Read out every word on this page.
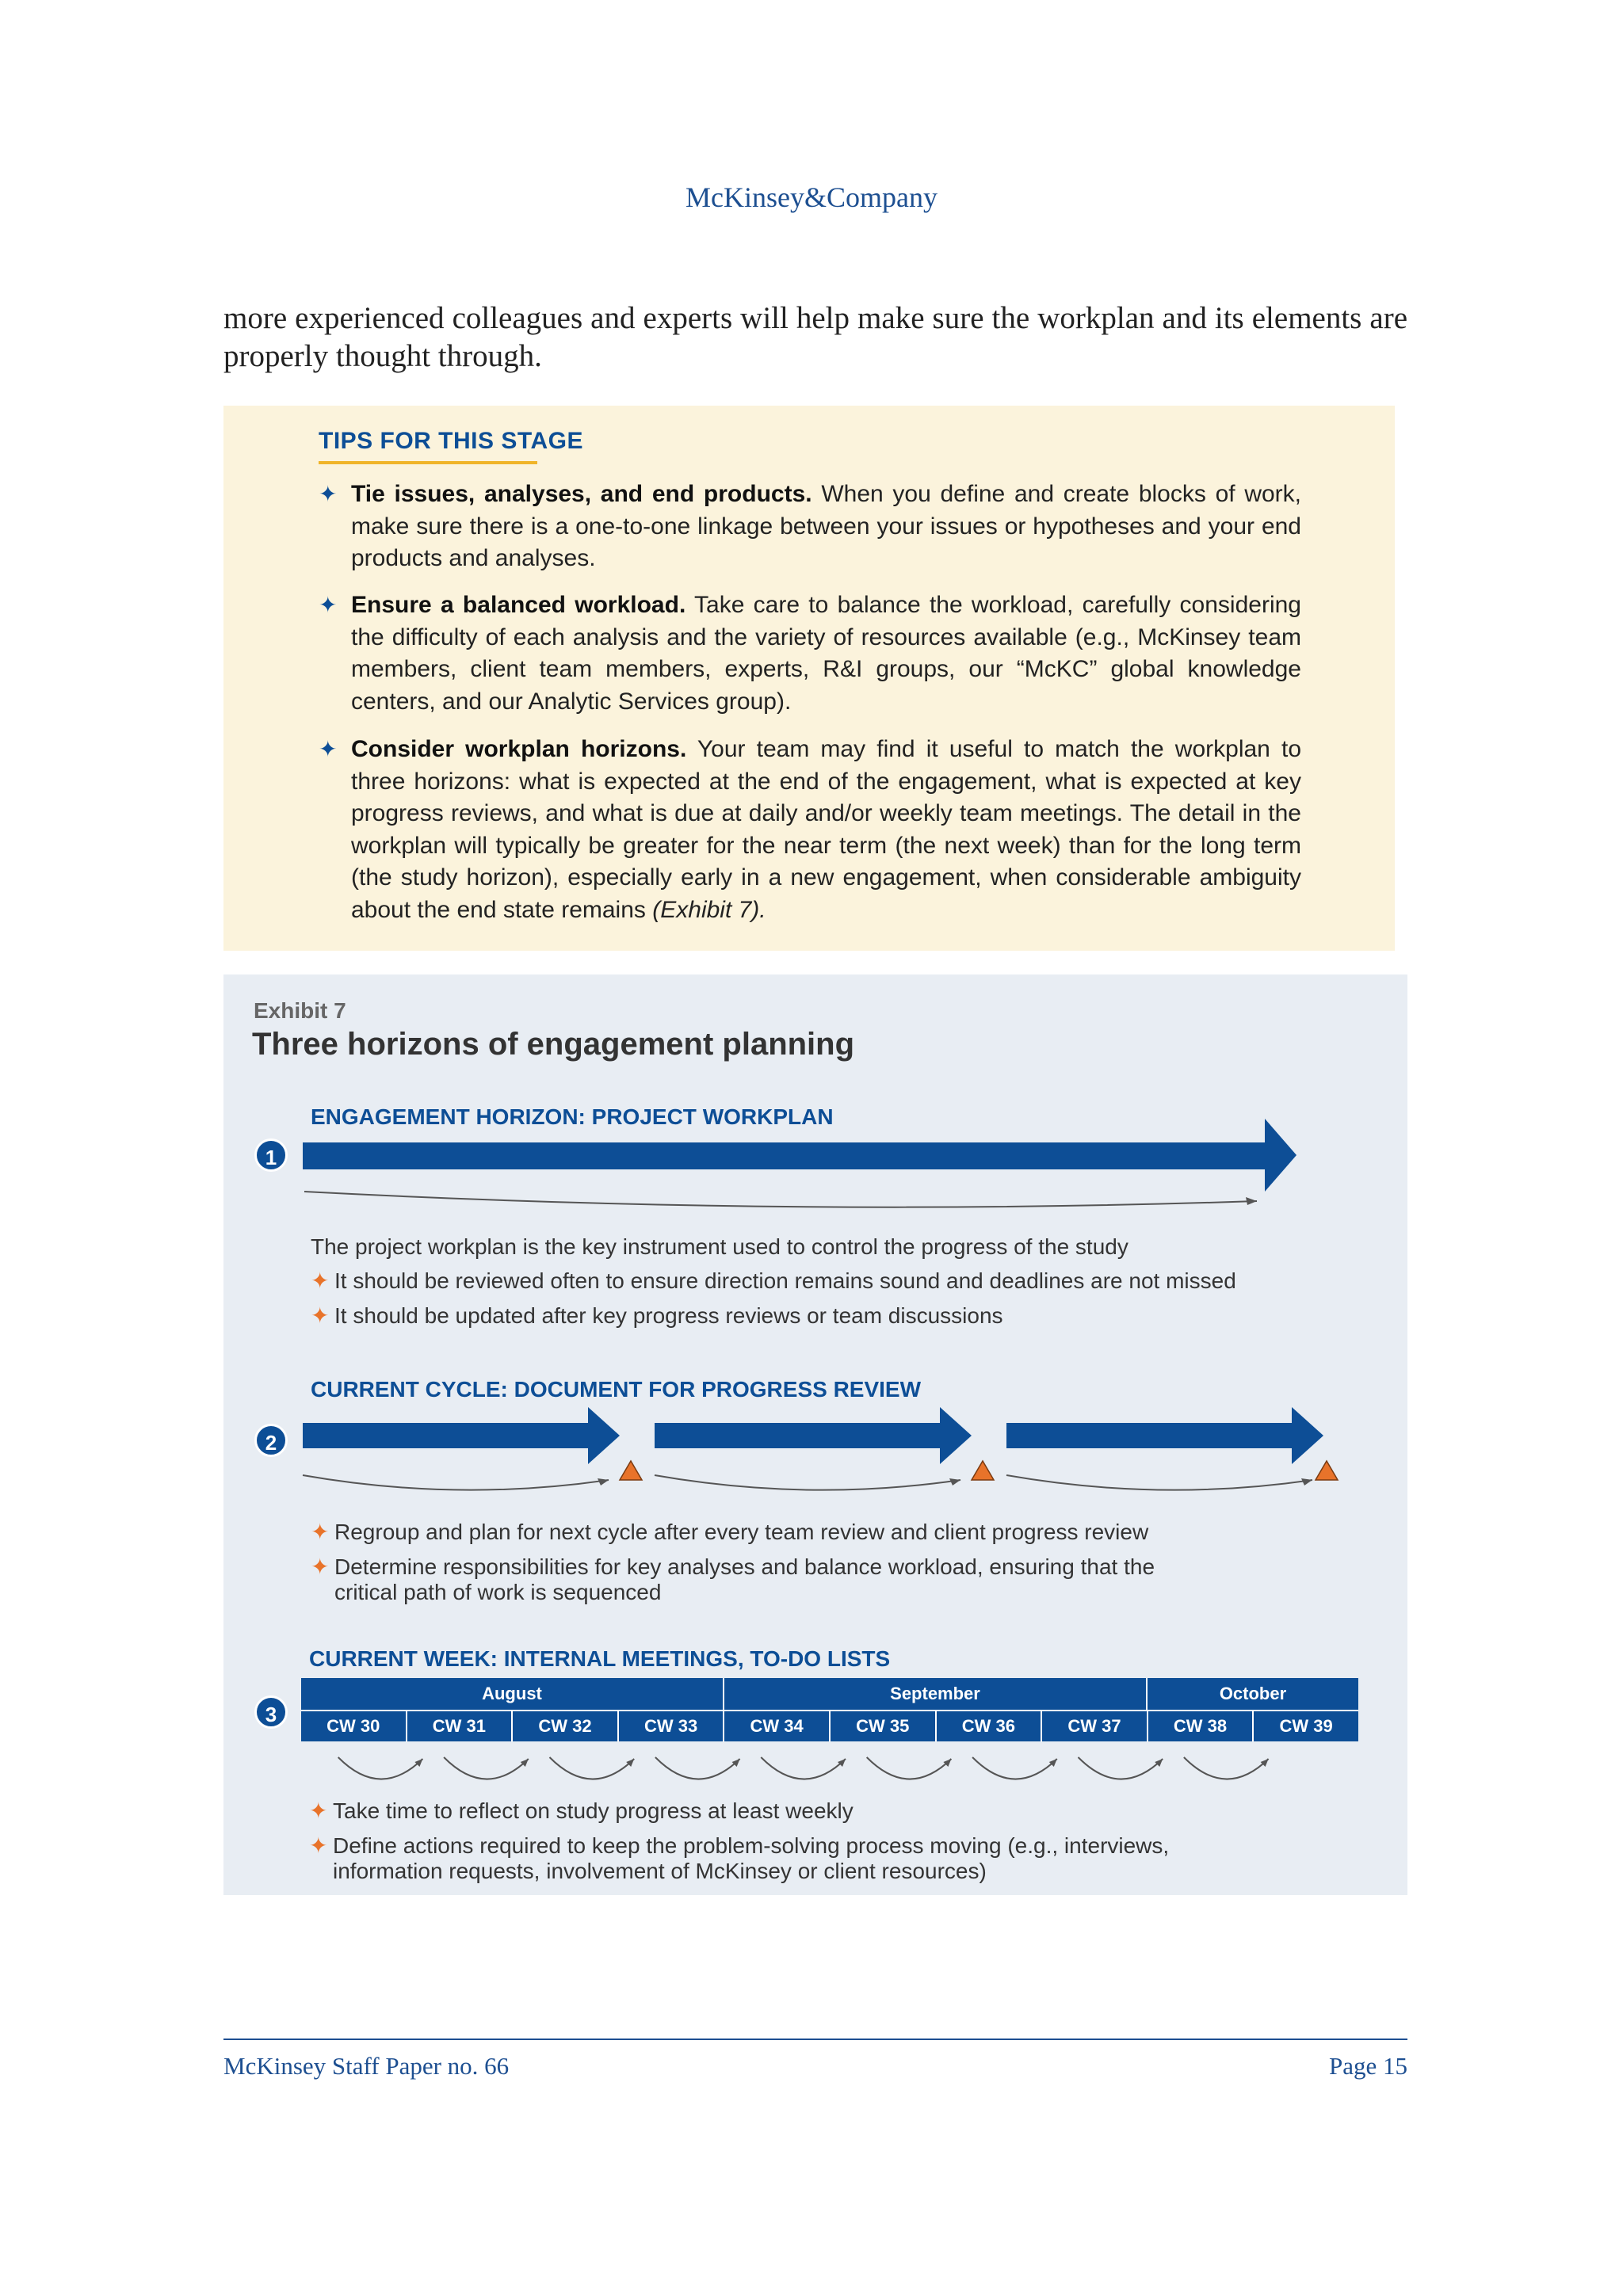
McKinsey&Company
more experienced colleagues and experts will help make sure the workplan and its elements are properly thought through.
TIPS FOR THIS STAGE
✦ Tie issues, analyses, and end products. When you define and create blocks of work, make sure there is a one-to-one linkage between your issues or hypotheses and your end products and analyses.
✦ Ensure a balanced workload. Take care to balance the workload, carefully considering the difficulty of each analysis and the variety of resources available (e.g., McKinsey team members, client team members, experts, R&I groups, our “McKC” global knowledge centers, and our Analytic Services group).
✦ Consider workplan horizons. Your team may find it useful to match the workplan to three horizons: what is expected at the end of the engagement, what is expected at key progress reviews, and what is due at daily and/or weekly team meetings. The detail in the workplan will typically be greater for the near term (the next week) than for the long term (the study horizon), especially early in a new engagement, when considerable ambiguity about the end state remains (Exhibit 7).
Exhibit 7
Three horizons of engagement planning
ENGAGEMENT HORIZON: PROJECT WORKPLAN
1
The project workplan is the key instrument used to control the progress of the study
✦ It should be reviewed often to ensure direction remains sound and deadlines are not missed
✦ It should be updated after key progress reviews or team discussions
CURRENT CYCLE: DOCUMENT FOR PROGRESS REVIEW
2
✦ Regroup and plan for next cycle after every team review and client progress review
✦ Determine responsibilities for key analyses and balance workload, ensuring that the critical path of work is sequenced
CURRENT WEEK: INTERNAL MEETINGS, TO-DO LISTS
3
August	September	October
CW 30	CW 31	CW 32	CW 33	CW 34	CW 35	CW 36	CW 37	CW 38	CW 39
✦ Take time to reflect on study progress at least weekly
✦ Define actions required to keep the problem-solving process moving (e.g., interviews, information requests, involvement of McKinsey or client resources)
McKinsey Staff Paper no. 66	Page 15
